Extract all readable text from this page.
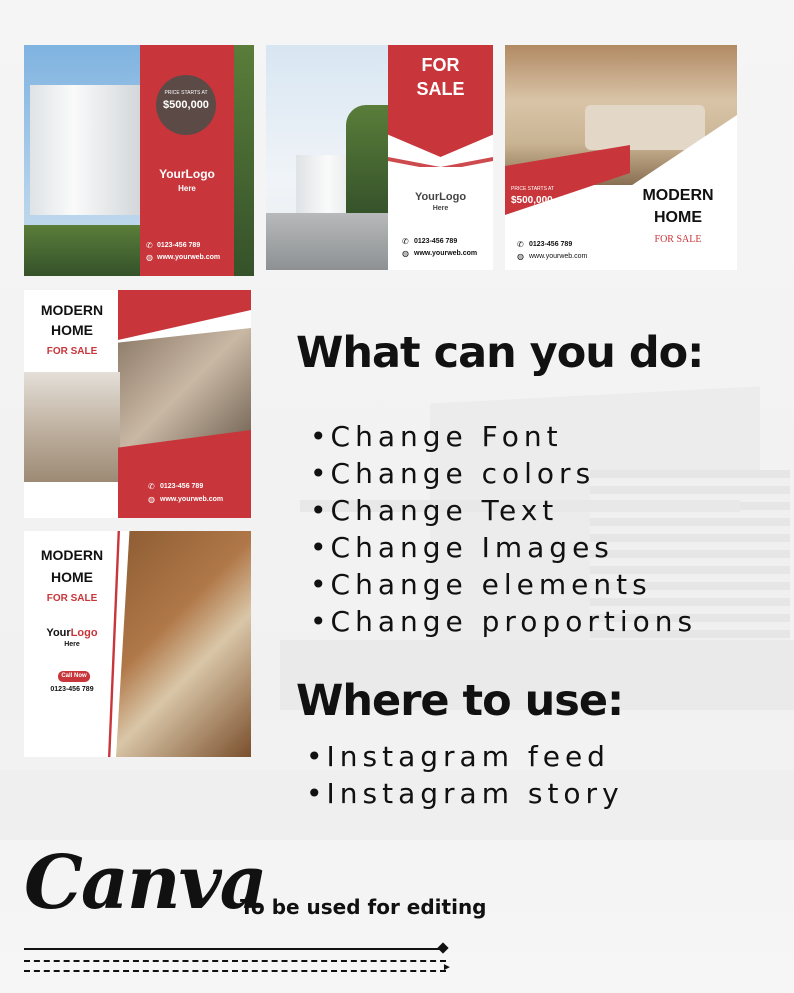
PRICE STARTS AT
$500,000
YourLogo
Here
✆ 0123-456 789
◍ www.yourweb.com
FOR
SALE
YourLogo
Here
✆ 0123-456 789
◍ www.yourweb.com
PRICE STARTS AT
$500,000	MODERN
HOME
FOR SALE
✆ 0123-456 789
◍ www.yourweb.com
MODERN
HOME
FOR SALE
✆ 0123-456 789
◍ www.yourweb.com
MODERN
HOME
FOR SALE
YourLogo
Here
Call Now
0123-456 789
What can you do:
• Change Font
• Change colors
• Change Text
• Change Images
• Change elements
• Change proportions
Where to use:
• Instagram feed
• Instagram story
Canva
To be used for editing
►
